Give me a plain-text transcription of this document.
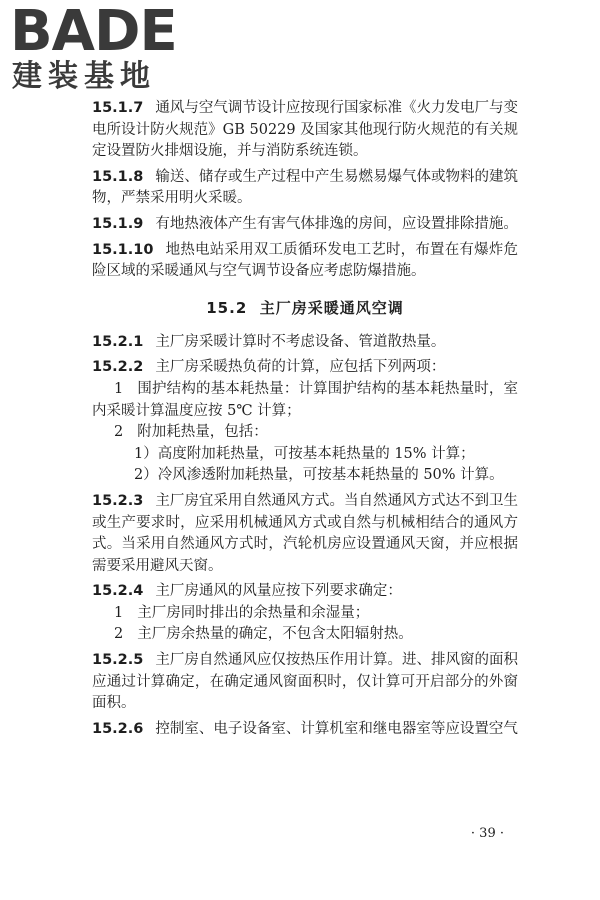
BADE
建装基地

15.1.7 通风与空气调节设计应按现行国家标准《火力发电厂与变电所设计防火规范》GB 50229 及国家其他现行防火规范的有关规定设置防火排烟设施，并与消防系统连锁。

15.1.8 输送、储存或生产过程中产生易燃易爆气体或物料的建筑物，严禁采用明火采暖。

15.1.9 有地热液体产生有害气体排逸的房间，应设置排除措施。

15.1.10 地热电站采用双工质循环发电工艺时，布置在有爆炸危险区域的采暖通风与空气调节设备应考虑防爆措施。

15.2 主厂房采暖通风空调

15.2.1 主厂房采暖计算时不考虑设备、管道散热量。

15.2.2 主厂房采暖热负荷的计算，应包括下列两项：

1 围护结构的基本耗热量：计算围护结构的基本耗热量时，室内采暖计算温度应按 5℃ 计算；

2 附加耗热量，包括：

1）高度附加耗热量，可按基本耗热量的 15% 计算；

2）冷风渗透附加耗热量，可按基本耗热量的 50% 计算。

15.2.3 主厂房宜采用自然通风方式。当自然通风方式达不到卫生或生产要求时，应采用机械通风方式或自然与机械相结合的通风方式。当采用自然通风方式时，汽轮机房应设置通风天窗，并应根据需要采用避风天窗。

15.2.4 主厂房通风的风量应按下列要求确定：

1 主厂房同时排出的余热量和余湿量；

2 主厂房余热量的确定，不包含太阳辐射热。

15.2.5 主厂房自然通风应仅按热压作用计算。进、排风窗的面积应通过计算确定，在确定通风窗面积时，仅计算可开启部分的外窗面积。

15.2.6 控制室、电子设备室、计算机室和继电器室等应设置空气

· 39 ·
